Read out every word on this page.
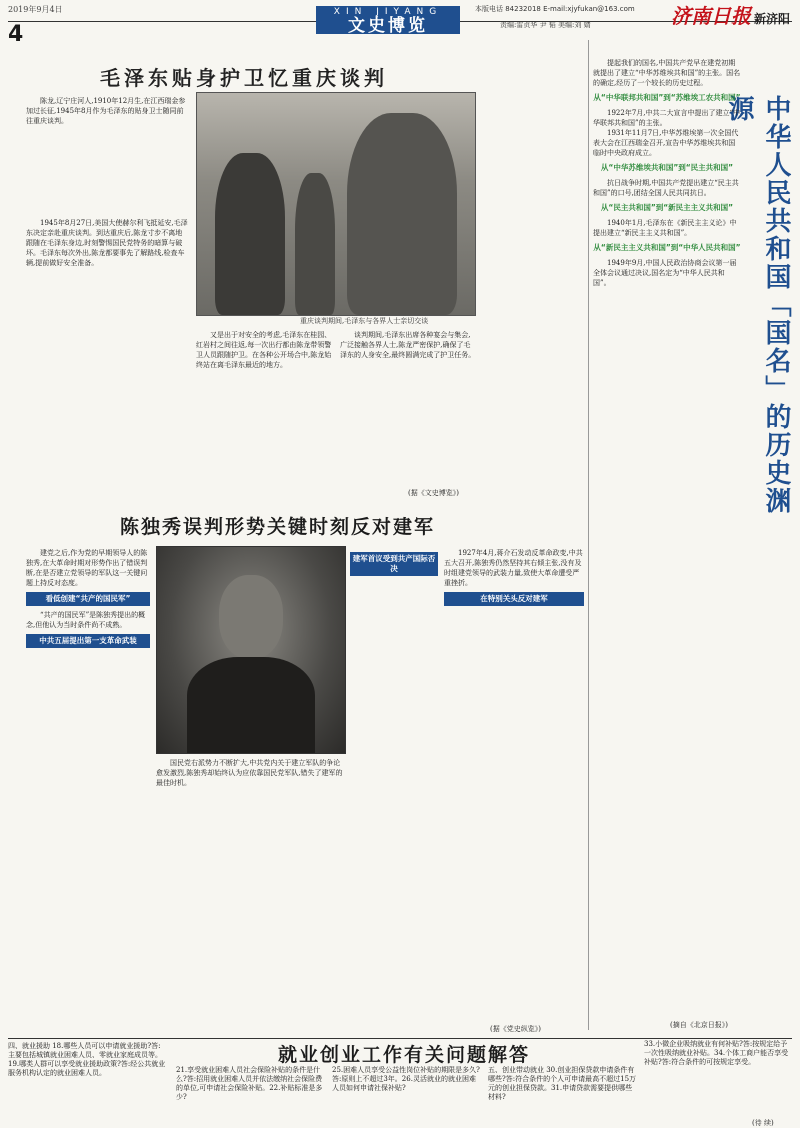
2019年9月4日
4
XIN JIYANG
文史博览
本版电话 84232018 E-mail:xjyfukan@163.com
责编:雷贞华 尹 韬 美编:刘 婧	济南日报 新济阳
毛泽东贴身护卫忆重庆谈判

陈龙,辽宁庄河人,1910年12月生,在江西瑞金参加过长征,1945年8月作为毛泽东的贴身卫士随同前往重庆谈判。

重庆谈判期间,毛泽东与各界人士亲切交谈

1945年8月27日,美国大使赫尔利飞抵延安,毛泽东决定亲赴重庆谈判。到达重庆后,陈龙寸步不离地跟随在毛泽东身边,时刻警惕国民党特务的暗算与破坏。毛泽东每次外出,陈龙都要事先了解路线,检查车辆,提前做好安全准备。

又是出于对安全的考虑,毛泽东在桂园、红岩村之间往返,每一次出行都由陈龙带领警卫人员跟随护卫。在各种公开场合中,陈龙始终站在离毛泽东最近的地方。

谈判期间,毛泽东出席各种宴会与集会,广泛接触各界人士,陈龙严密保护,确保了毛泽东的人身安全,最终圆满完成了护卫任务。

(据《文史博览》)	中华人民共和国「国名」的历史渊源

提起我们的国名,中国共产党早在建党初期就提出了建立“中华苏维埃共和国”的主张。国名的确定,经历了一个较长的历史过程。

从“中华联邦共和国”到“苏维埃工农共和国”

1922年7月,中共二大宣言中提出了建立“中华联邦共和国”的主张。

1931年11月7日,中华苏维埃第一次全国代表大会在江西瑞金召开,宣告中华苏维埃共和国临时中央政府成立。

从“中华苏维埃共和国”到“民主共和国”

抗日战争时期,中国共产党提出建立“民主共和国”的口号,团结全国人民共同抗日。

从“民主共和国”到“新民主主义共和国”

1940年1月,毛泽东在《新民主主义论》中提出建立“新民主主义共和国”。

从“新民主主义共和国”到“中华人民共和国”

1949年9月,中国人民政治协商会议第一届全体会议通过决议,国名定为“中华人民共和国”。

(摘自《北京日报》)
陈独秀误判形势关键时刻反对建军

建党之后,作为党的早期领导人的陈独秀,在大革命时期对形势作出了错误判断,在是否建立党领导的军队这一关键问题上持反对态度。

看低创建“共产的国民军”

“共产的国民军”是陈独秀提出的概念,但他认为当时条件尚不成熟。

中共五届提出第一支革命武装
建军首议受到共产国际否决

1927年4月,蒋介石发动反革命政变,中共五大召开,陈独秀仍然坚持其右倾主张,没有及时组建党领导的武装力量,致使大革命遭受严重挫折。

在特别关头反对建军

国民党右派势力不断扩大,中共党内关于建立军队的争论愈发激烈,陈独秀却始终认为应依靠国民党军队,错失了建军的最佳时机。

(据《党史纵览》)
就业创业工作有关问题解答

四、就业援助 18.哪些人员可以申请就业援助?答:主要包括城镇就业困难人员、零就业家庭成员等。19.哪类人群可以享受就业援助政策?答:经公共就业服务机构认定的就业困难人员。	21.享受就业困难人员社会保险补贴的条件是什么?答:招用就业困难人员并依法缴纳社会保险费的单位,可申请社会保险补贴。22.补贴标准是多少?

25.困难人员享受公益性岗位补贴的期限是多久?答:原则上不超过3年。26.灵活就业的就业困难人员如何申请社保补贴?

五、创业带动就业 30.创业担保贷款申请条件有哪些?答:符合条件的个人可申请最高不超过15万元的创业担保贷款。31.申请贷款需要提供哪些材料?

33.小微企业吸纳就业有何补贴?答:按规定给予一次性吸纳就业补贴。34.个体工商户能否享受补贴?答:符合条件的可按规定享受。

(待 续)
